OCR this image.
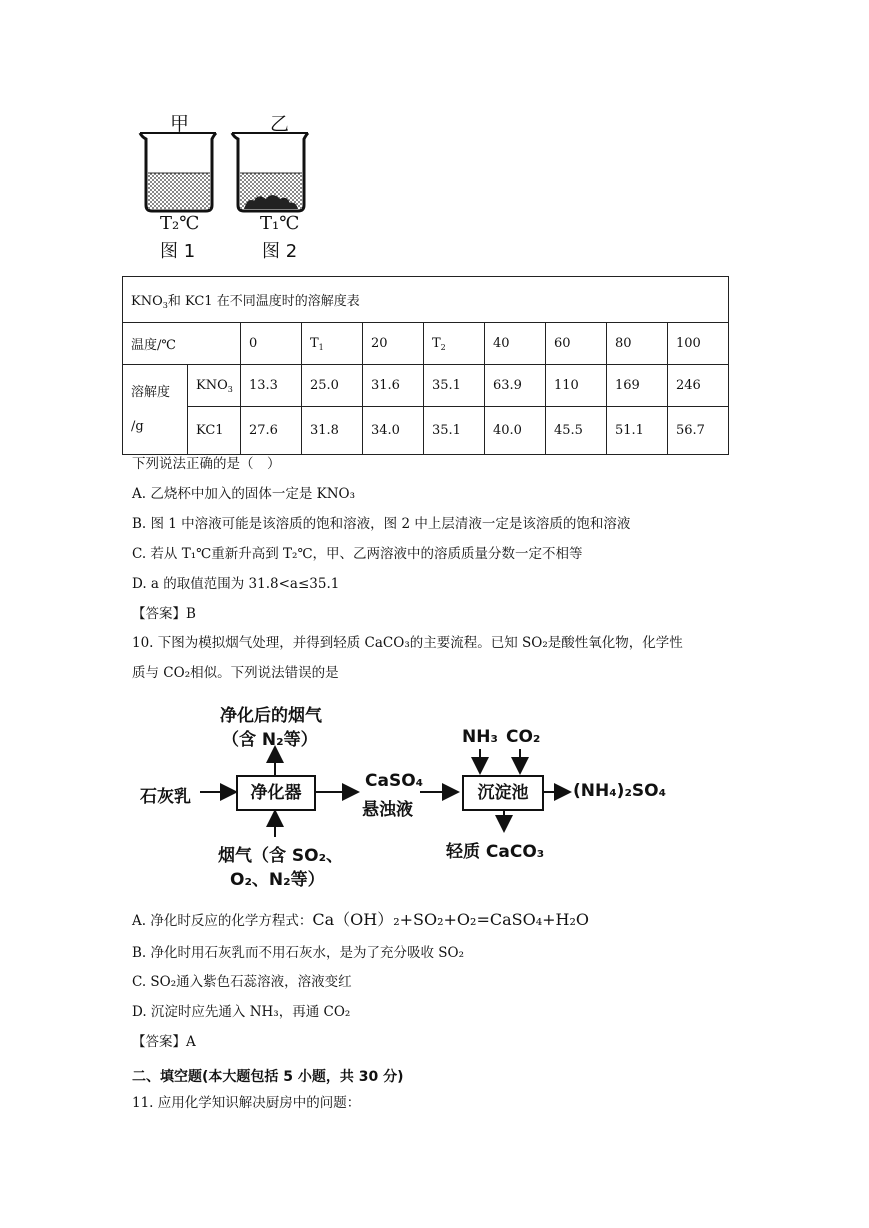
甲	乙
T₂℃	T₁℃
图 1	图 2
$KNO_3$和 KC1 在不同温度时的溶解度表									
温度/℃		0	$T_1$	20	$T_2$	40	60	80	100
溶解度
/g	$KNO_3$	13.3	25.0	31.6	35.1	63.9	110	169	246
	KC1	27.6	31.8	34.0	35.1	40.0	45.5	51.1	56.7
下列说法正确的是（　）
A. 乙烧杯中加入的固体一定是 KNO₃
B. 图 1 中溶液可能是该溶质的饱和溶液，图 2 中上层清液一定是该溶质的饱和溶液
C. 若从 T₁℃重新升高到 T₂℃，甲、乙两溶液中的溶质质量分数一定不相等
D. a 的取值范围为 31.8<a≤35.1
【答案】B
10. 下图为模拟烟气处理，并得到轻质 CaCO₃的主要流程。已知 SO₂是酸性氧化物，化学性
质与 CO₂相似。下列说法错误的是
净化后的烟气
（含 N₂等）
石灰乳	净化器
CaSO₄
悬浊液
NH₃ CO₂
沉淀池	(NH₄)₂SO₄
烟气（含 SO₂、
O₂、N₂等）
轻质 CaCO₃
A. 净化时反应的化学方程式：Ca（OH）₂+SO₂+O₂=CaSO₄+H₂O
B. 净化时用石灰乳而不用石灰水，是为了充分吸收 SO₂
C. SO₂通入紫色石蕊溶液，溶液变红
D. 沉淀时应先通入 NH₃，再通 CO₂
【答案】A
二、填空题(本大题包括 5 小题，共 30 分)
11. 应用化学知识解决厨房中的问题：
